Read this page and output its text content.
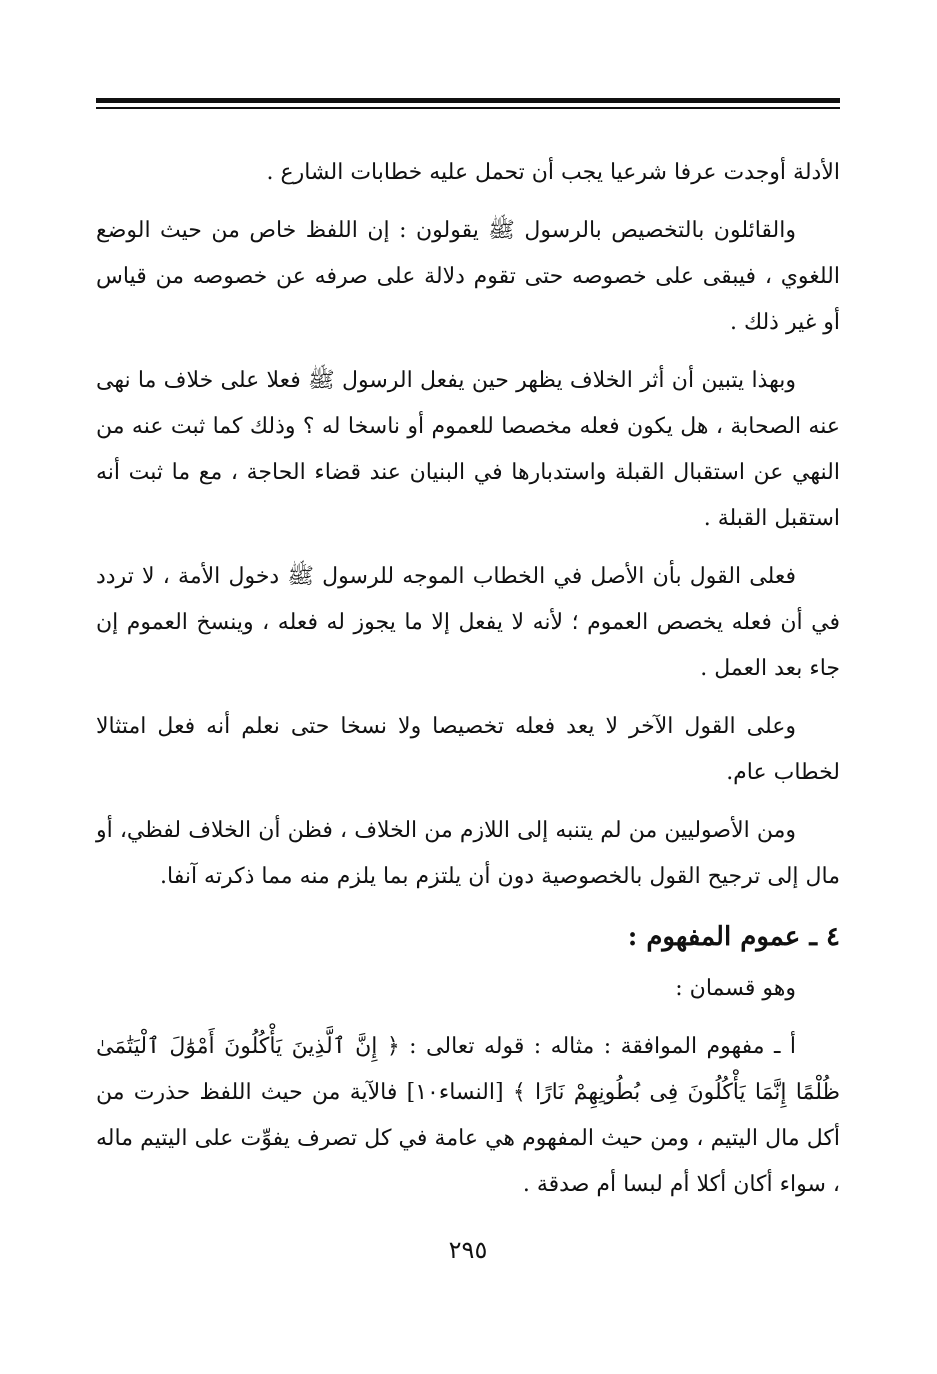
الأدلة أوجدت عرفا شرعيا يجب أن تحمل عليه خطابات الشارع .

والقائلون بالتخصيص بالرسول ﷺ يقولون : إن اللفظ خاص من حيث الوضع اللغوي ، فيبقى على خصوصه حتى تقوم دلالة على صرفه عن خصوصه من قياس أو غير ذلك .

وبهذا يتبين أن أثر الخلاف يظهر حين يفعل الرسول ﷺ فعلا على خلاف ما نهى عنه الصحابة ، هل يكون فعله مخصصا للعموم أو ناسخا له ؟ وذلك كما ثبت عنه من النهي عن استقبال القبلة واستدبارها في البنيان عند قضاء الحاجة ، مع ما ثبت أنه استقبل القبلة .

فعلى القول بأن الأصل في الخطاب الموجه للرسول ﷺ دخول الأمة ، لا تردد في أن فعله يخصص العموم ؛ لأنه لا يفعل إلا ما يجوز له فعله ، وينسخ العموم إن جاء بعد العمل .

وعلى القول الآخر لا يعد فعله تخصيصا ولا نسخا حتى نعلم أنه فعل امتثالا لخطاب عام.

ومن الأصوليين من لم يتنبه إلى اللازم من الخلاف ، فظن أن الخلاف لفظي، أو مال إلى ترجيح القول بالخصوصية دون أن يلتزم بما يلزم منه مما ذكرته آنفا.

٤ ـ عموم المفهوم :

وهو قسمان :

أ ـ مفهوم الموافقة : مثاله : قوله تعالى : ﴿ إِنَّ ٱلَّذِينَ يَأْكُلُونَ أَمْوَٰلَ ٱلْيَتَٰمَىٰ ظُلْمًا إِنَّمَا يَأْكُلُونَ فِى بُطُونِهِمْ نَارًا ﴾ [النساء١٠] فالآية من حيث اللفظ حذرت من أكل مال اليتيم ، ومن حيث المفهوم هي عامة في كل تصرف يفوِّت على اليتيم ماله ، سواء أكان أكلا أم لبسا أم صدقة .

٢٩٥
